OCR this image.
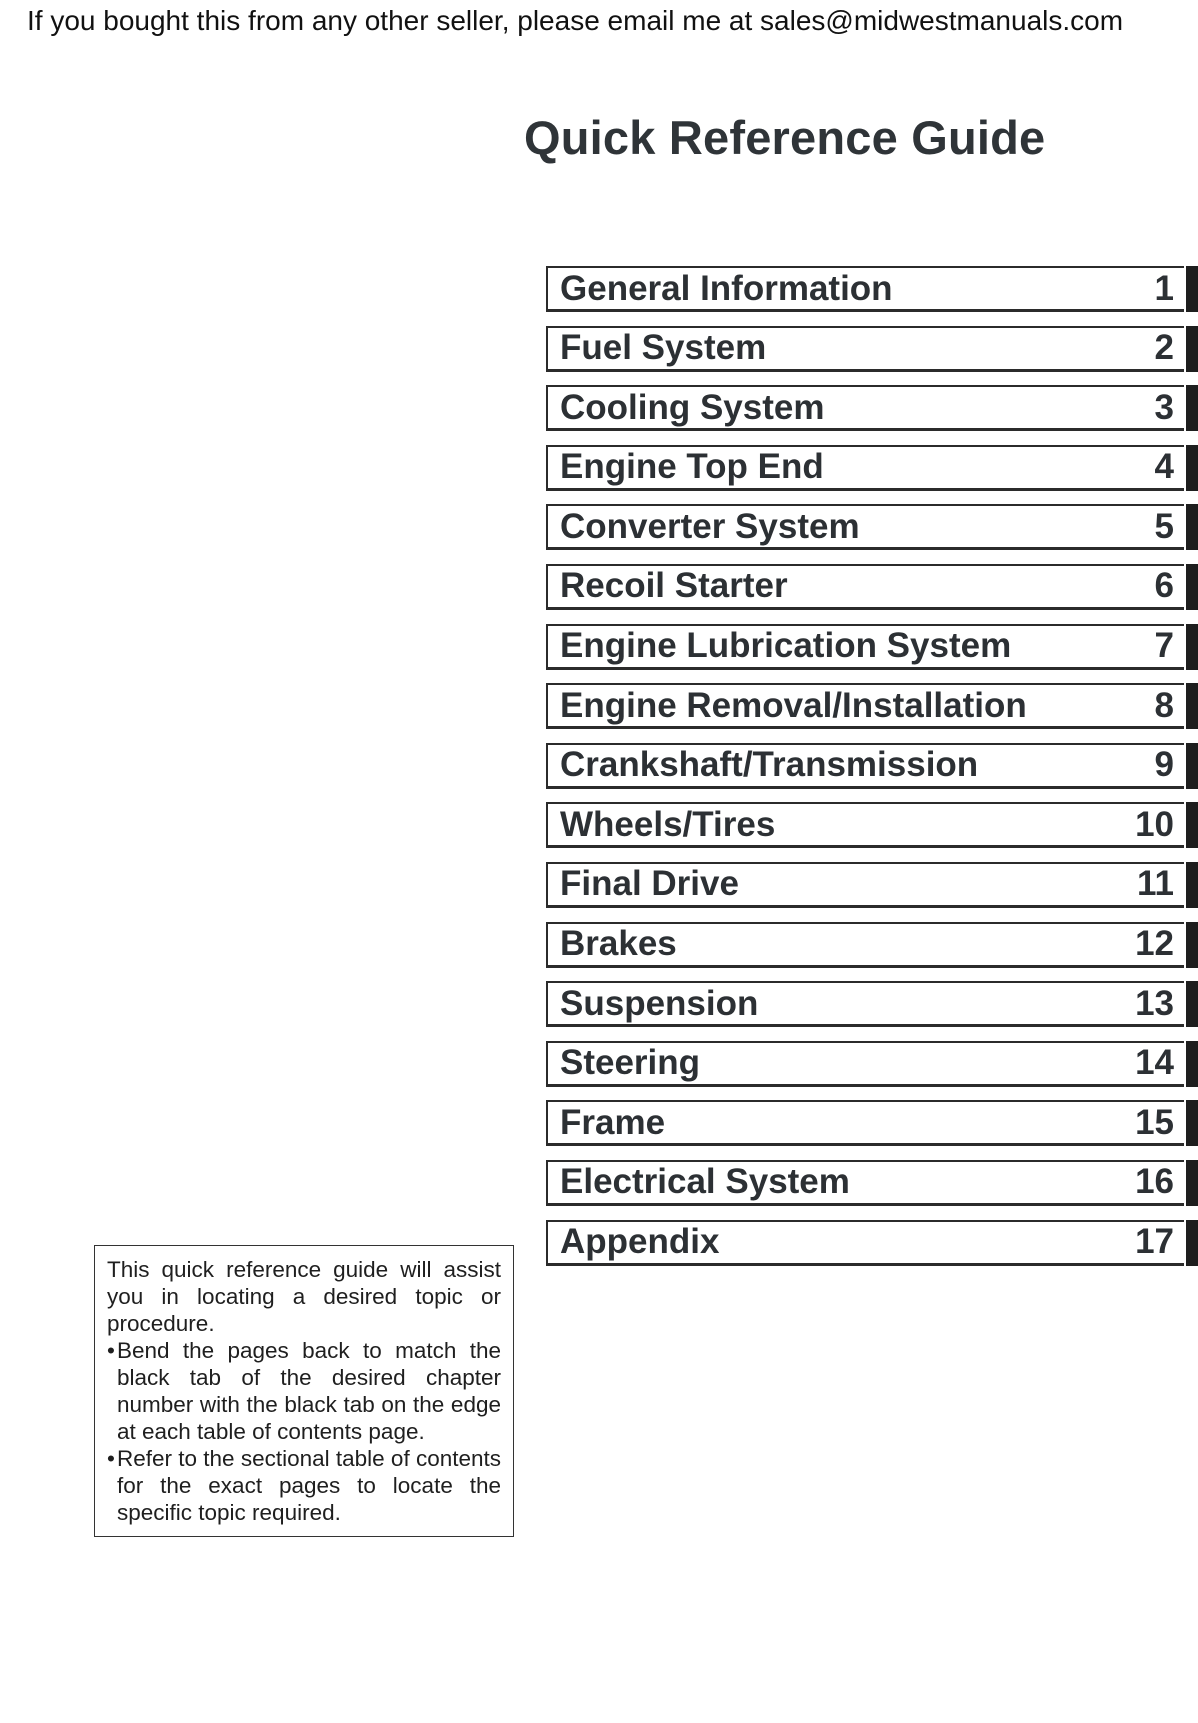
If you bought this from any other seller, please email me at sales@midwestmanuals.com
Quick Reference Guide
General Information	1
Fuel System	2
Cooling System	3
Engine Top End	4
Converter System	5
Recoil Starter	6
Engine Lubrication System	7
Engine Removal/Installation	8
Crankshaft/Transmission	9
Wheels/Tires	10
Final Drive	11
Brakes	12
Suspension	13
Steering	14
Frame	15
Electrical System	16
Appendix	17
This quick reference guide will assist you in locating a desired topic or procedure.
• Bend the pages back to match the black tab of the desired chapter number with the black tab on the edge at each table of contents page.
• Refer to the sectional table of contents for the exact pages to locate the specific topic required.
